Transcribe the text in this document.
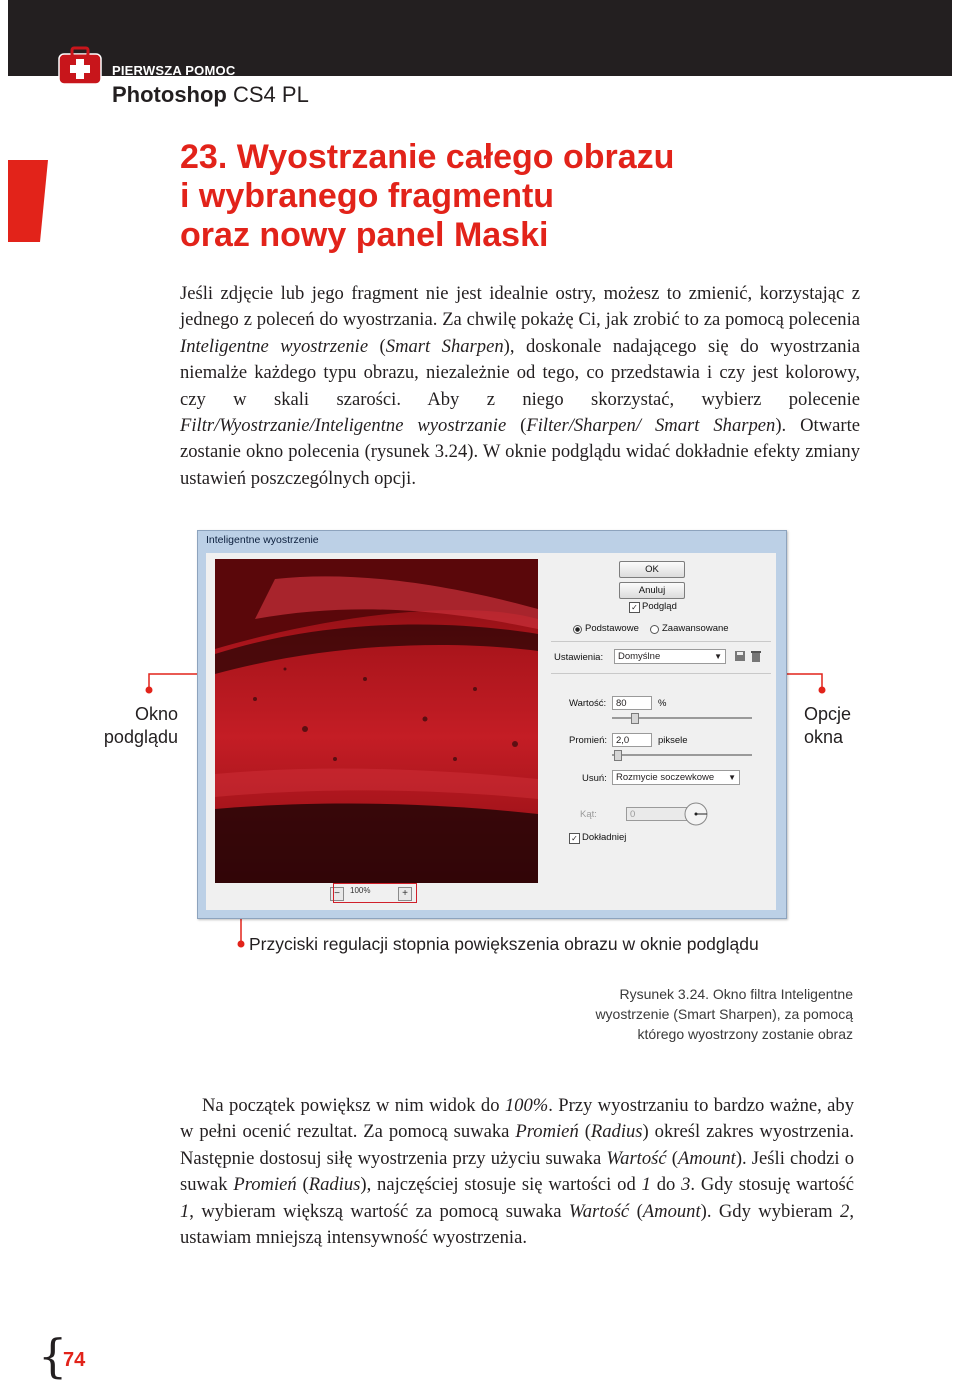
PIERWSZA POMOC
Photoshop CS4 PL
23. Wyostrzanie całego obrazu
i wybranego fragmentu
oraz nowy panel Maski
Jeśli zdjęcie lub jego fragment nie jest idealnie ostry, możesz to zmienić, korzystając z jednego z poleceń do wyostrzania. Za chwilę pokażę Ci, jak zrobić to za pomocą polecenia Inteligentne wyostrzenie (Smart Sharpen), doskonale nadającego się do wyostrzania niemalże każdego typu obrazu, niezależnie od tego, co przedstawia i czy jest kolorowy, czy w skali szarości. Aby z niego skorzystać, wybierz polecenie Filtr/Wyostrzanie/Inteligentne wyostrzanie (Filter/Sharpen/ Smart Sharpen). Otwarte zostanie okno polecenia (rysunek 3.24). W oknie podglądu widać dokładnie efekty zmiany ustawień poszczególnych opcji.
Okno podglądu
Opcje okna
Przyciski regulacji stopnia powiększenia obrazu w oknie podglądu
Inteligentne wyostrzenie
−	100%	+
OK
Anuluj
✓ Podgląd
Podstawowe Zaawansowane
Ustawienia:	Domyślne	▼
Wartość:	80	%
Promień: 2,0	piksele
Usuń: Rozmycie soczewkowe ▼
Kąt:	0
✓ Dokładniej
Rysunek 3.24. Okno filtra Inteligentne wyostrzenie (Smart Sharpen), za pomocą którego wyostrzony zostanie obraz
Na początek powiększ w nim widok do 100%. Przy wyostrzaniu to bardzo ważne, aby w pełni ocenić rezultat. Za pomocą suwaka Promień (Radius) określ zakres wyostrzenia. Następnie dostosuj siłę wyostrzenia przy użyciu suwaka Wartość (Amount). Jeśli chodzi o suwak Promień (Radius), najczęściej stosuje się wartości od 1 do 3. Gdy stosuję wartość 1, wybieram większą wartość za pomocą suwaka Wartość (Amount). Gdy wybieram 2, ustawiam mniejszą intensywność wyostrzenia.
{
74
